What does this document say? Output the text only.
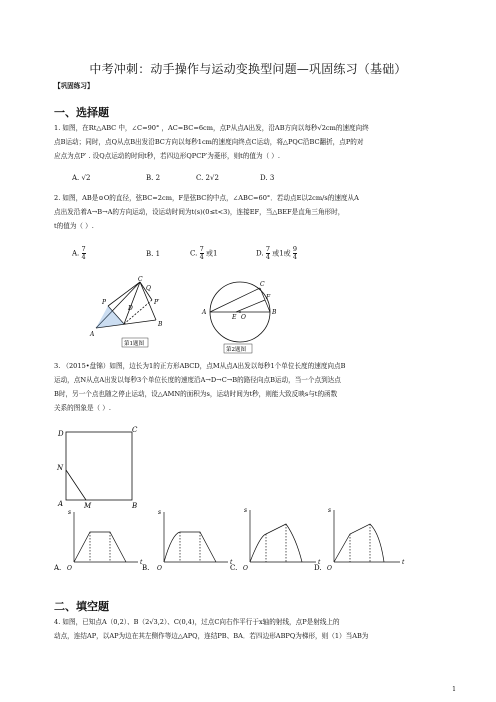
中考冲刺：动手操作与运动变换型问题—巩固练习（基础）
【巩固练习】
一、选择题
1. 如图，在Rt△ABC 中，∠C=90° ，AC=BC=6cm，点P从点A出发，沿AB方向以每秒√2cm的速度向终
点B运动；同时，点Q从点B出发沿BC方向以每秒1cm的速度向终点C运动，将△PQC沿BC翻折，点P的对
应点为点P′ . 设Q点运动的时间t秒，若四边形QPCP′为菱形，则t的值为（ ）.
A. √2	B. 2	C. 2√2	D. 3
2. 如图，AB是⊙O的直径，弦BC=2cm，F是弦BC的中点，∠ABC=60°．若动点E以2cm/s的速度从A
点出发沿着A→B→A的方向运动，设运动时间为t(s)(0≤t<3)，连接EF，当△BEF是直角三角形时，
t的值为（ ）.
A. $\frac{7}{4}$	B. 1	C. $\frac{7}{4}$ 或1	D. $\frac{7}{4}$ 或1或 $\frac{9}{4}$
A
B
C
D
P
Q
P′
第1题图
A	B
C
E O
F
第2题图
3. （2015•盘锦）如图，边长为1的正方形ABCD，点M从点A出发以每秒1个单位长度的速度向点B
运动，点N从点A出发以每秒3个单位长度的速度沿A→D→C→B的路径向点B运动，当一个点到达点
B时，另一个点也随之停止运动，设△AMN的面积为s，运动时间为t秒，则能大致反映s与t的函数
关系的图象是（ ）.
D	C
A	B
N
M
A.	B.	C.	D.
s
t
O
s
t
O
s
t
O
s
t
O
二、填空题
4. 如图，已知点A（0,2）、B（2√3,2）、C(0,4)，过点C向右作平行于x轴的射线，点P是射线上的
动点，连结AP，以AP为边在其左侧作等边△APQ，连结PB、BA．若四边形ABPQ为梯形，则（1）当AB为
1
